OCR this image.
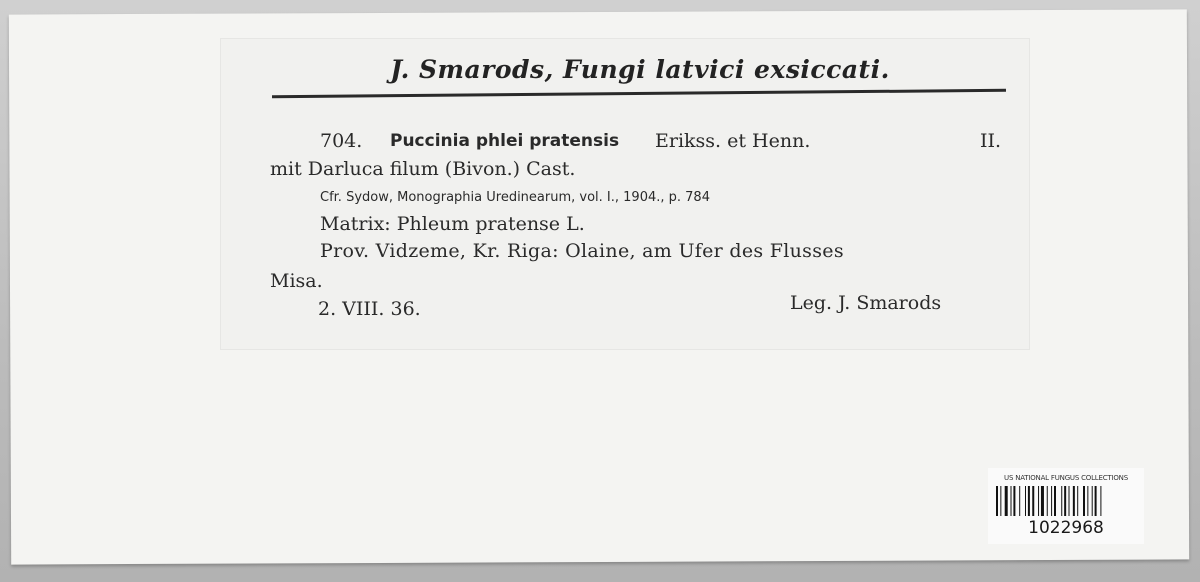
J. Smarods, Fungi latvici exsiccati.
704. Puccinia phlei pratensis Erikss. et Henn.	II.
mit Darluca filum (Bivon.) Cast.
Cfr. Sydow, Monographia Uredinearum, vol. I., 1904., p. 784
Matrix: Phleum pratense L.
Prov. Vidzeme, Kr. Riga: Olaine, am Ufer des Flusses
Misa.
2. VIII. 36.	Leg. J. Smarods
US NATIONAL FUNGUS COLLECTIONS
1022968
